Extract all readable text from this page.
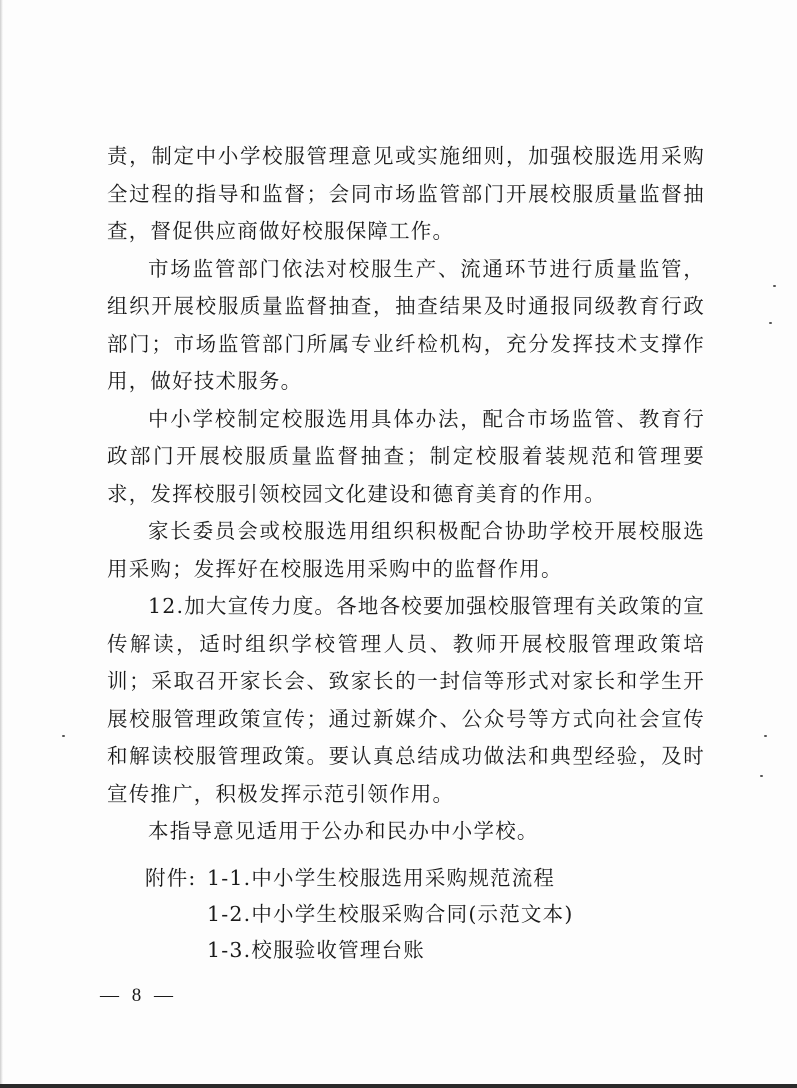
责，制定中小学校服管理意见或实施细则，加强校服选用采购全过程的指导和监督；会同市场监管部门开展校服质量监督抽查，督促供应商做好校服保障工作。

市场监管部门依法对校服生产、流通环节进行质量监管，组织开展校服质量监督抽查，抽查结果及时通报同级教育行政部门；市场监管部门所属专业纤检机构，充分发挥技术支撑作用，做好技术服务。

中小学校制定校服选用具体办法，配合市场监管、教育行政部门开展校服质量监督抽查；制定校服着装规范和管理要求，发挥校服引领校园文化建设和德育美育的作用。

家长委员会或校服选用组织积极配合协助学校开展校服选用采购；发挥好在校服选用采购中的监督作用。

12.加大宣传力度。各地各校要加强校服管理有关政策的宣传解读，适时组织学校管理人员、教师开展校服管理政策培训；采取召开家长会、致家长的一封信等形式对家长和学生开展校服管理政策宣传；通过新媒介、公众号等方式向社会宣传和解读校服管理政策。要认真总结成功做法和典型经验，及时宣传推广，积极发挥示范引领作用。

本指导意见适用于公办和民办中小学校。

附件: 1-1.中小学生校服选用采购规范流程
1-2.中小学生校服采购合同(示范文本)
1-3.校服验收管理台账
— 8 —
